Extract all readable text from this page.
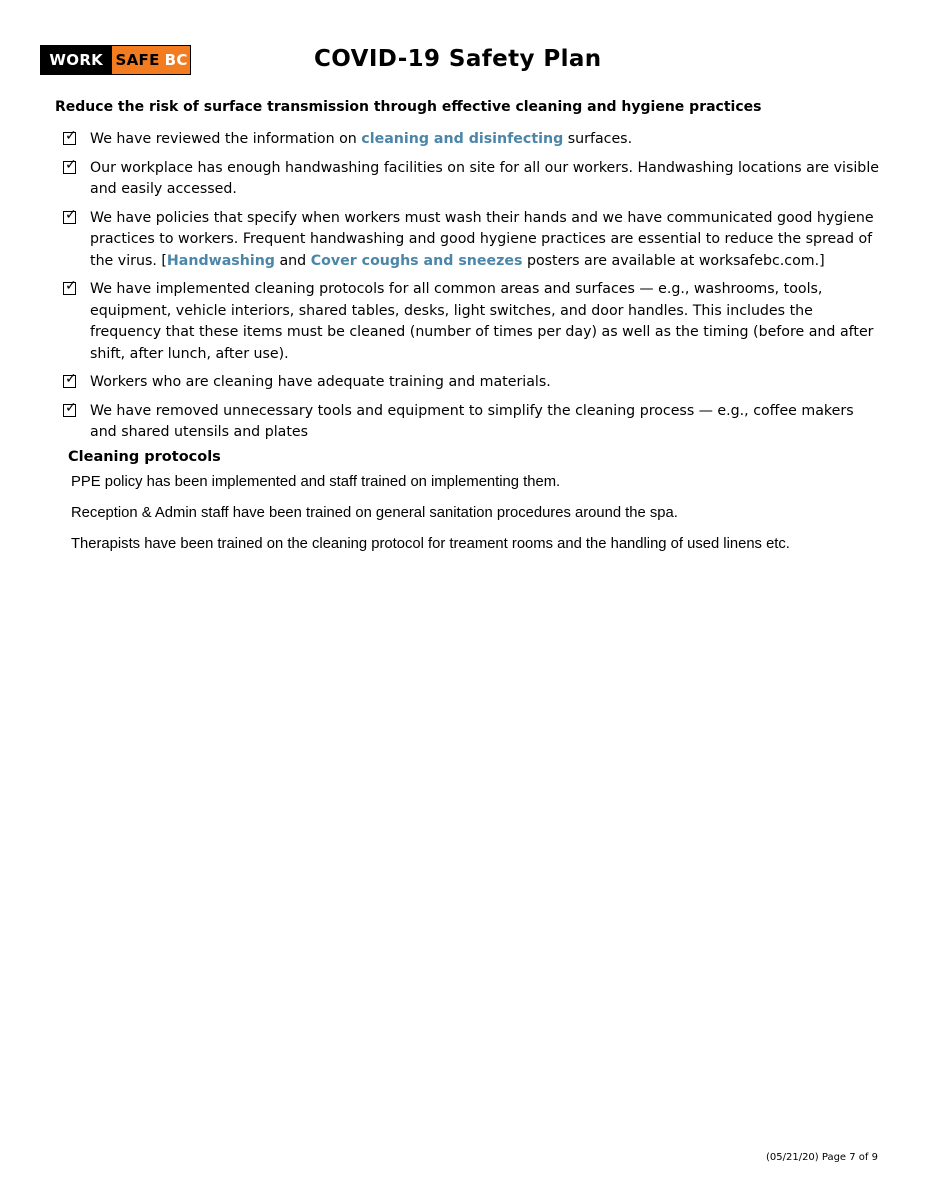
WORK SAFE BC	COVID-19 Safety Plan
Reduce the risk of surface transmission through effective cleaning and hygiene practices
✓ We have reviewed the information on cleaning and disinfecting surfaces.
✓ Our workplace has enough handwashing facilities on site for all our workers. Handwashing locations are visible and easily accessed.
✓ We have policies that specify when workers must wash their hands and we have communicated good hygiene practices to workers. Frequent handwashing and good hygiene practices are essential to reduce the spread of the virus. [Handwashing and Cover coughs and sneezes posters are available at worksafebc.com.]
✓ We have implemented cleaning protocols for all common areas and surfaces — e.g., washrooms, tools, equipment, vehicle interiors, shared tables, desks, light switches, and door handles. This includes the frequency that these items must be cleaned (number of times per day) as well as the timing (before and after shift, after lunch, after use).
✓ Workers who are cleaning have adequate training and materials.
✓ We have removed unnecessary tools and equipment to simplify the cleaning process — e.g., coffee makers and shared utensils and plates
Cleaning protocols

PPE policy has been implemented and staff trained on implementing them.

Reception & Admin staff have been trained on general sanitation procedures around the spa.

Therapists have been trained on the cleaning protocol for treament rooms and the handling of used linens etc.

(05/21/20) Page 7 of 9
